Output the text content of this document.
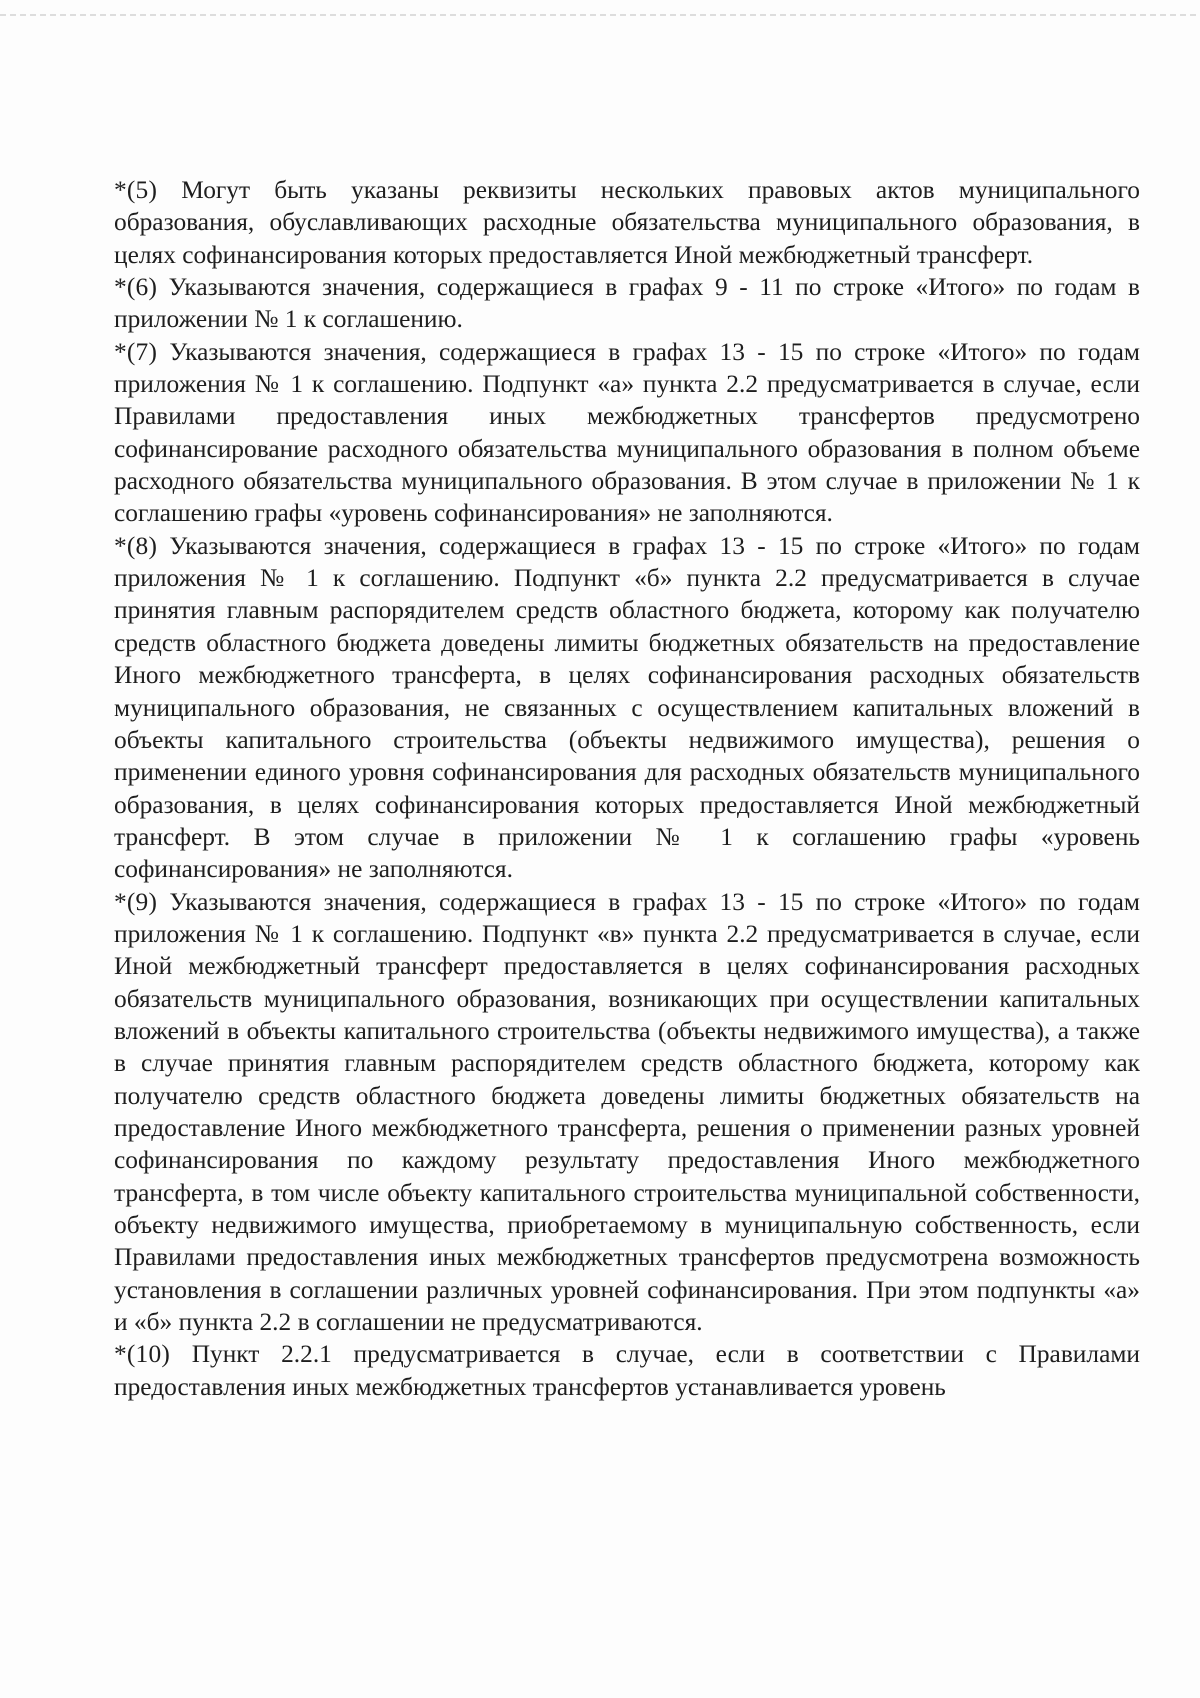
*(5) Могут быть указаны реквизиты нескольких правовых актов муниципального образования, обуславливающих расходные обязательства муниципального образования, в целях софинансирования которых предоставляется Иной межбюджетный трансферт.

*(6) Указываются значения, содержащиеся в графах 9 - 11 по строке «Итого» по годам в приложении № 1 к соглашению.

*(7) Указываются значения, содержащиеся в графах 13 - 15 по строке «Итого» по годам приложения № 1 к соглашению. Подпункт «а» пункта 2.2 предусматривается в случае, если Правилами предоставления иных межбюджетных трансфертов предусмотрено софинансирование расходного обязательства муниципального образования в полном объеме расходного обязательства муниципального образования. В этом случае в приложении № 1 к соглашению графы «уровень софинансирования» не заполняются.

*(8) Указываются значения, содержащиеся в графах 13 - 15 по строке «Итого» по годам приложения № 1 к соглашению. Подпункт «б» пункта 2.2 предусматривается в случае принятия главным распорядителем средств областного бюджета, которому как получателю средств областного бюджета доведены лимиты бюджетных обязательств на предоставление Иного межбюджетного трансферта, в целях софинансирования расходных обязательств муниципального образования, не связанных с осуществлением капитальных вложений в объекты капитального строительства (объекты недвижимого имущества), решения о применении единого уровня софинансирования для расходных обязательств муниципального образования, в целях софинансирования которых предоставляется Иной межбюджетный трансферт. В этом случае в приложении № 1 к соглашению графы «уровень софинансирования» не заполняются.

*(9) Указываются значения, содержащиеся в графах 13 - 15 по строке «Итого» по годам приложения № 1 к соглашению. Подпункт «в» пункта 2.2 предусматривается в случае, если Иной межбюджетный трансферт предоставляется в целях софинансирования расходных обязательств муниципального образования, возникающих при осуществлении капитальных вложений в объекты капитального строительства (объекты недвижимого имущества), а также в случае принятия главным распорядителем средств областного бюджета, которому как получателю средств областного бюджета доведены лимиты бюджетных обязательств на предоставление Иного межбюджетного трансферта, решения о применении разных уровней софинансирования по каждому результату предоставления Иного межбюджетного трансферта, в том числе объекту капитального строительства муниципальной собственности, объекту недвижимого имущества, приобретаемому в муниципальную собственность, если Правилами предоставления иных межбюджетных трансфертов предусмотрена возможность установления в соглашении различных уровней софинансирования. При этом подпункты «а» и «б» пункта 2.2 в соглашении не предусматриваются.

*(10) Пункт 2.2.1 предусматривается в случае, если в соответствии с Правилами предоставления иных межбюджетных трансфертов устанавливается уровень
